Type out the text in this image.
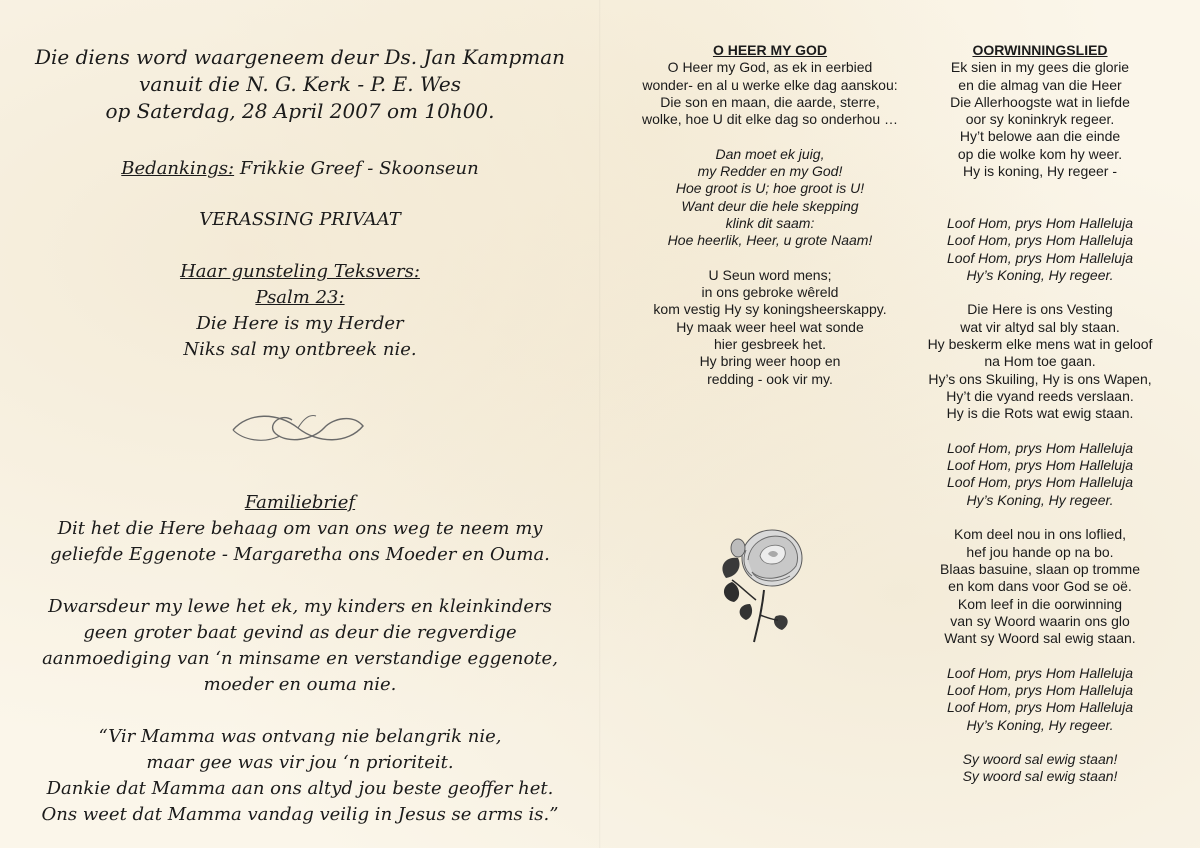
Die diens word waargeneem deur Ds. Jan Kampman
vanuit die N. G. Kerk - P. E. Wes
op Saterdag, 28 April 2007 om 10h00.
Bedankings: Frikkie Greef - Skoonseun
VERASSING PRIVAAT
Haar gunsteling Teksvers:
Psalm 23:
Die Here is my Herder
Niks sal my ontbreek nie.
Familiebrief
Dit het die Here behaag om van ons weg te neem my
geliefde Eggenote - Margaretha ons Moeder en Ouma.
Dwarsdeur my lewe het ek, my kinders en kleinkinders
geen groter baat gevind as deur die regverdige
aanmoediging van ‘n minsame en verstandige eggenote,
moeder en ouma nie.
“Vir Mamma was ontvang nie belangrik nie,
maar gee was vir jou ‘n prioriteit.
Dankie dat Mamma aan ons altyd jou beste geoffer het.
Ons weet dat Mamma vandag veilig in Jesus se arms is.”
O HEER MY GOD
O Heer my God, as ek in eerbied
wonder- en al u werke elke dag aanskou:
Die son en maan, die aarde, sterre,
wolke, hoe U dit elke dag so onderhou …
Dan moet ek juig,
my Redder en my God!
Hoe groot is U; hoe groot is U!
Want deur die hele skepping
klink dit saam:
Hoe heerlik, Heer, u grote Naam!
U Seun word mens;
in ons gebroke wêreld
kom vestig Hy sy koningsheerskappy.
Hy maak weer heel wat sonde
hier gesbreek het.
Hy bring weer hoop en
redding - ook vir my.
OORWINNINGSLIED
Ek sien in my gees die glorie
en die almag van die Heer
Die Allerhoogste wat in liefde
oor sy koninkryk regeer.
Hy’t belowe aan die einde
op die wolke kom hy weer.
Hy is koning, Hy regeer -
Loof Hom, prys Hom Halleluja
Loof Hom, prys Hom Halleluja
Loof Hom, prys Hom Halleluja
Hy’s Koning, Hy regeer.
Die Here is ons Vesting
wat vir altyd sal bly staan.
Hy beskerm elke mens wat in geloof
na Hom toe gaan.
Hy’s ons Skuiling, Hy is ons Wapen,
Hy’t die vyand reeds verslaan.
Hy is die Rots wat ewig staan.
Loof Hom, prys Hom Halleluja
Loof Hom, prys Hom Halleluja
Loof Hom, prys Hom Halleluja
Hy’s Koning, Hy regeer.
Kom deel nou in ons loflied,
hef jou hande op na bo.
Blaas basuine, slaan op tromme
en kom dans voor God se oë.
Kom leef in die oorwinning
van sy Woord waarin ons glo
Want sy Woord sal ewig staan.
Loof Hom, prys Hom Halleluja
Loof Hom, prys Hom Halleluja
Loof Hom, prys Hom Halleluja
Hy’s Koning, Hy regeer.
Sy woord sal ewig staan!
Sy woord sal ewig staan!
